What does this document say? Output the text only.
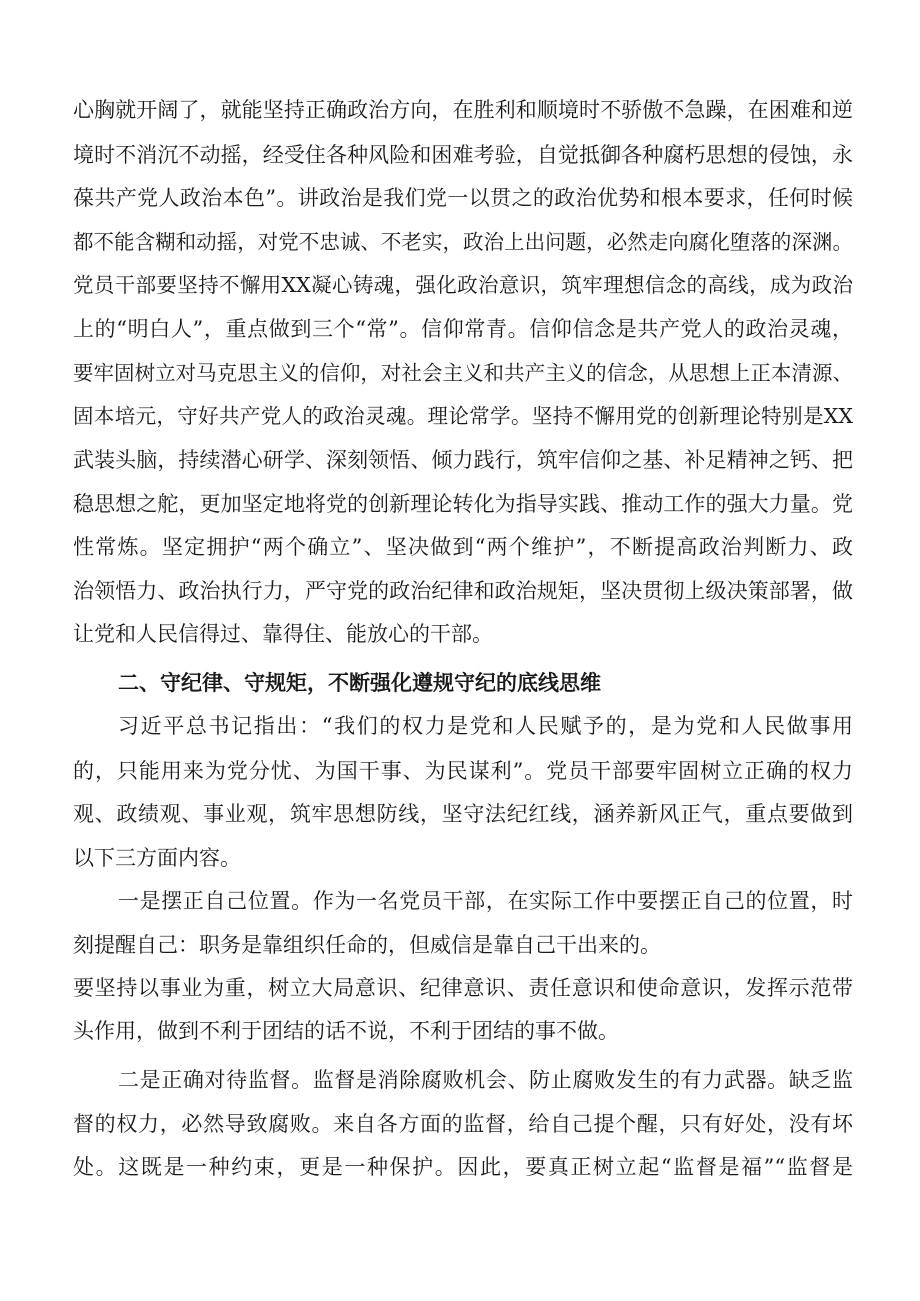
心胸就开阔了，就能坚持正确政治方向，在胜利和顺境时不骄傲不急躁，在困难和逆
境时不消沉不动摇，经受住各种风险和困难考验，自觉抵御各种腐朽思想的侵蚀，永
葆共产党人政治本色”。讲政治是我们党一以贯之的政治优势和根本要求，任何时候
都不能含糊和动摇，对党不忠诚、不老实，政治上出问题，必然走向腐化堕落的深渊。
党员干部要坚持不懈用XX凝心铸魂，强化政治意识，筑牢理想信念的高线，成为政治
上的“明白人”，重点做到三个“常”。信仰常青。信仰信念是共产党人的政治灵魂，
要牢固树立对马克思主义的信仰，对社会主义和共产主义的信念，从思想上正本清源、
固本培元，守好共产党人的政治灵魂。理论常学。坚持不懈用党的创新理论特别是XX
武装头脑，持续潜心研学、深刻领悟、倾力践行，筑牢信仰之基、补足精神之钙、把
稳思想之舵，更加坚定地将党的创新理论转化为指导实践、推动工作的强大力量。党
性常炼。坚定拥护“两个确立”、坚决做到“两个维护”，不断提高政治判断力、政
治领悟力、政治执行力，严守党的政治纪律和政治规矩，坚决贯彻上级决策部署，做
让党和人民信得过、靠得住、能放心的干部。
二、守纪律、守规矩，不断强化遵规守纪的底线思维
习近平总书记指出：“我们的权力是党和人民赋予的，是为党和人民做事用
的，只能用来为党分忧、为国干事、为民谋利”。党员干部要牢固树立正确的权力
观、政绩观、事业观，筑牢思想防线，坚守法纪红线，涵养新风正气，重点要做到
以下三方面内容。
一是摆正自己位置。作为一名党员干部，在实际工作中要摆正自己的位置，时
刻提醒自己：职务是靠组织任命的，但威信是靠自己干出来的。
要坚持以事业为重，树立大局意识、纪律意识、责任意识和使命意识，发挥示范带
头作用，做到不利于团结的话不说，不利于团结的事不做。
二是正确对待监督。监督是消除腐败机会、防止腐败发生的有力武器。缺乏监
督的权力，必然导致腐败。来自各方面的监督，给自己提个醒，只有好处，没有坏
处。这既是一种约束，更是一种保护。因此，要真正树立起“监督是福”“监督是
